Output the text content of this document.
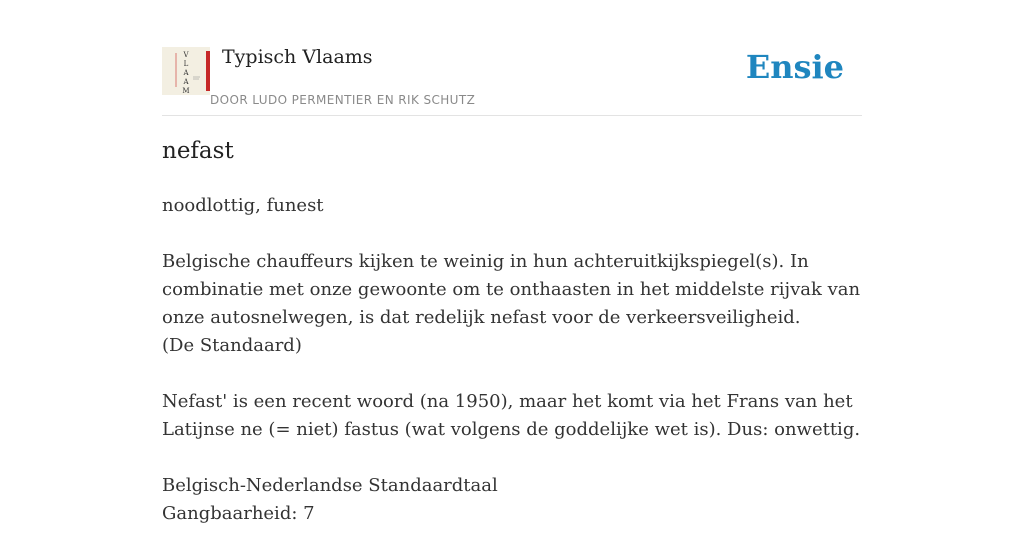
V
L
A
A
M
Typisch Vlaams
DOOR LUDO PERMENTIER EN RIK SCHUTZ
Ensie
nefast

noodlottig, funest

Belgische chauffeurs kijken te weinig in hun achteruitkijkspiegel(s). In
combinatie met onze gewoonte om te onthaasten in het middelste rijvak van
onze autosnelwegen, is dat redelijk nefast voor de verkeersveiligheid.
(De Standaard)

Nefast' is een recent woord (na 1950), maar het komt via het Frans van het
Latijnse ne (= niet) fastus (wat volgens de goddelijke wet is). Dus: onwettig.

Belgisch-Nederlandse Standaardtaal
Gangbaarheid: 7
